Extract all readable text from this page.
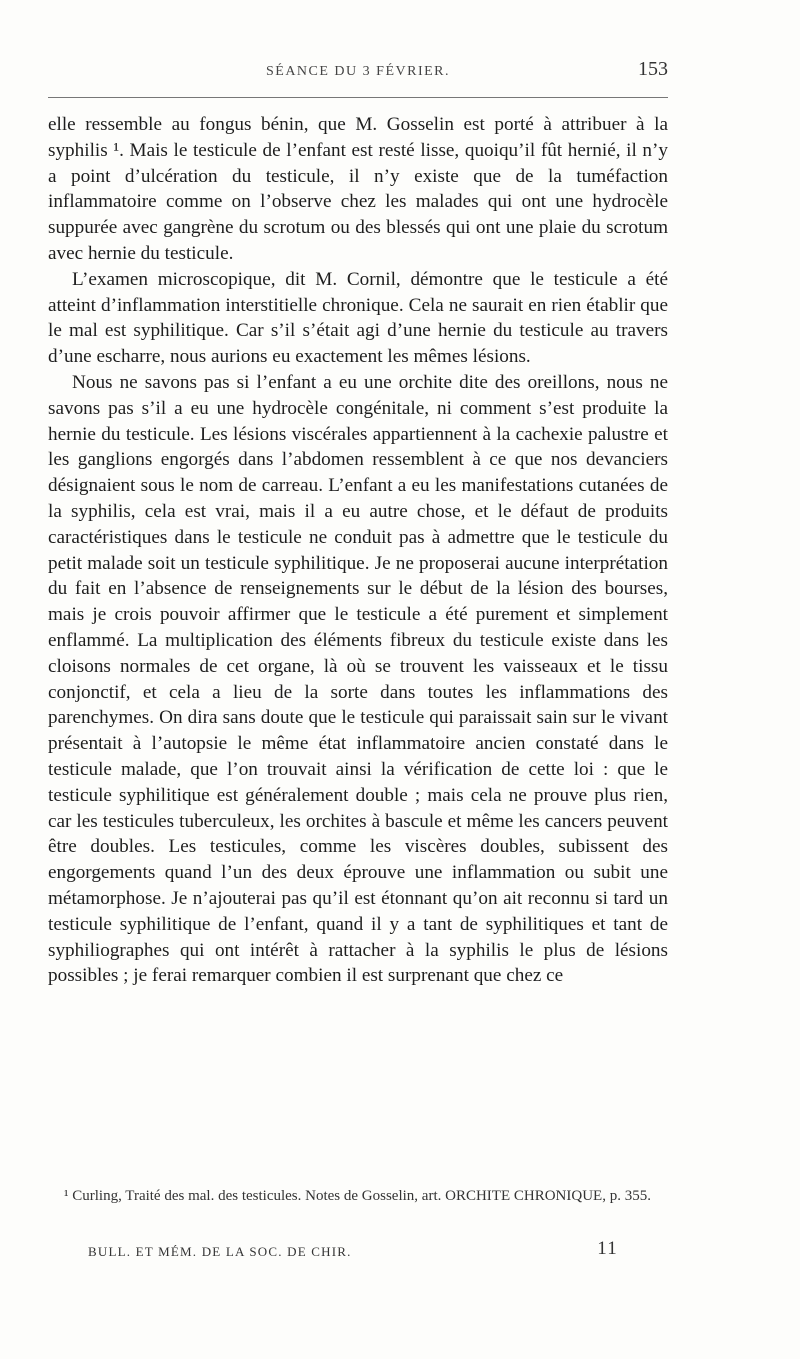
SÉANCE DU 3 FÉVRIER.	153

elle ressemble au fongus bénin, que M. Gosselin est porté à attribuer à la syphilis ¹. Mais le testicule de l’enfant est resté lisse, quoiqu’il fût hernié, il n’y a point d’ulcération du testicule, il n’y existe que de la tuméfaction inflammatoire comme on l’observe chez les malades qui ont une hydrocèle suppurée avec gangrène du scrotum ou des blessés qui ont une plaie du scrotum avec hernie du testicule.

L’examen microscopique, dit M. Cornil, démontre que le testicule a été atteint d’inflammation interstitielle chronique. Cela ne saurait en rien établir que le mal est syphilitique. Car s’il s’était agi d’une hernie du testicule au travers d’une escharre, nous aurions eu exactement les mêmes lésions.

Nous ne savons pas si l’enfant a eu une orchite dite des oreillons, nous ne savons pas s’il a eu une hydrocèle congénitale, ni comment s’est produite la hernie du testicule. Les lésions viscérales appartiennent à la cachexie palustre et les ganglions engorgés dans l’abdomen ressemblent à ce que nos devanciers désignaient sous le nom de carreau. L’enfant a eu les manifestations cutanées de la syphilis, cela est vrai, mais il a eu autre chose, et le défaut de produits caractéristiques dans le testicule ne conduit pas à admettre que le testicule du petit malade soit un testicule syphilitique. Je ne proposerai aucune interprétation du fait en l’absence de renseignements sur le début de la lésion des bourses, mais je crois pouvoir affirmer que le testicule a été purement et simplement enflammé. La multiplication des éléments fibreux du testicule existe dans les cloisons normales de cet organe, là où se trouvent les vaisseaux et le tissu conjonctif, et cela a lieu de la sorte dans toutes les inflammations des parenchymes. On dira sans doute que le testicule qui paraissait sain sur le vivant présentait à l’autopsie le même état inflammatoire ancien constaté dans le testicule malade, que l’on trouvait ainsi la vérification de cette loi : que le testicule syphilitique est généralement double ; mais cela ne prouve plus rien, car les testicules tuberculeux, les orchites à bascule et même les cancers peuvent être doubles. Les testicules, comme les viscères doubles, subissent des engorgements quand l’un des deux éprouve une inflammation ou subit une métamorphose. Je n’ajouterai pas qu’il est étonnant qu’on ait reconnu si tard un testicule syphilitique de l’enfant, quand il y a tant de syphilitiques et tant de syphiliographes qui ont intérêt à rattacher à la syphilis le plus de lésions possibles ; je ferai remarquer combien il est surprenant que chez ce

¹ Curling, Traité des mal. des testicules. Notes de Gosselin, art. ORCHITE CHRONIQUE, p. 355.
BULL. ET MÉM. DE LA SOC. DE CHIR.	11
